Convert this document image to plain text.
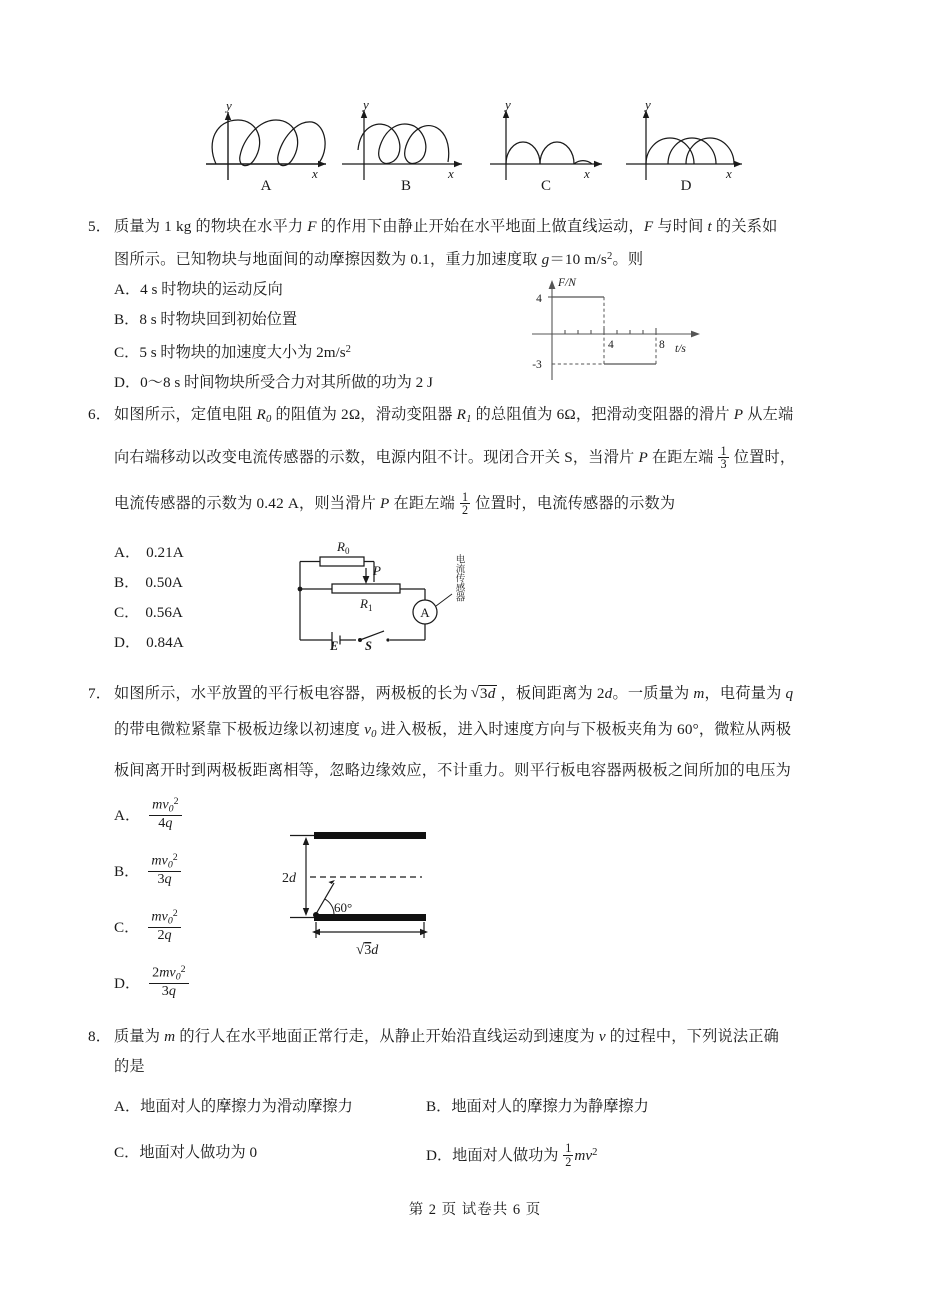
y
x
A
y
x
B
y
x
C
y
x
D
5． 质量为 1 kg 的物块在水平力 F 的作用下由静止开始在水平地面上做直线运动，F 与时间 t 的关系如
图所示。已知物块与地面间的动摩擦因数为 0.1，重力加速度取 g＝10 $m/s^2$。则
A．4 s 时物块的运动反向
B．8 s 时物块回到初始位置
C．5 s 时物块的加速度大小为 $2m/s^2$
D．0～8 s 时间物块所受合力对其所做的功为 2 J
F/N
t/s
4
-3
4	8
6． 如图所示，定值电阻 $R_0$ 的阻值为 2Ω，滑动变阻器 $R_1$ 的总阻值为 6Ω，把滑动变阻器的滑片 P 从左端
向右端移动以改变电流传感器的示数，电源内阻不计。现闭合开关 S，当滑片 P 在距左端 $\frac{1}{3}$ 位置时，
电流传感器的示数为 0.42 A，则当滑片 P 在距左端 $\frac{1}{2}$ 位置时，电流传感器的示数为
A． 0.21A
B． 0.50A
C． 0.56A
D． 0.84A
R 0
R 1
P
A
E S
电流传感器
7． 如图所示，水平放置的平行板电容器，两极板的长为 √ 3d ，板间距离为 2d。一质量为 m，电荷量为 q
的带电微粒紧靠下极板边缘以初速度 $v_0$ 进入极板，进入时速度方向与下极板夹角为 60°，微粒从两极
板间离开时到两极板距离相等，忽略边缘效应，不计重力。则平行板电容器两极板之间所加的电压为
A． $\frac{mv_0^2}{4q}$
B． $\frac{mv_0^2}{3q}$
C． $\frac{mv_0^2}{2q}$
D． $\frac{2mv_0^2}{3q}$
2d
60°
√3d
8． 质量为 m 的行人在水平地面正常行走，从静止开始沿直线运动到速度为 v 的过程中，下列说法正确
的是
A．地面对人的摩擦力为滑动摩擦力	B．地面对人的摩擦力为静摩擦力
C．地面对人做功为 0	D．地面对人做功为 $\frac{1}{2} mv^2$
第 2 页 试卷共 6 页
